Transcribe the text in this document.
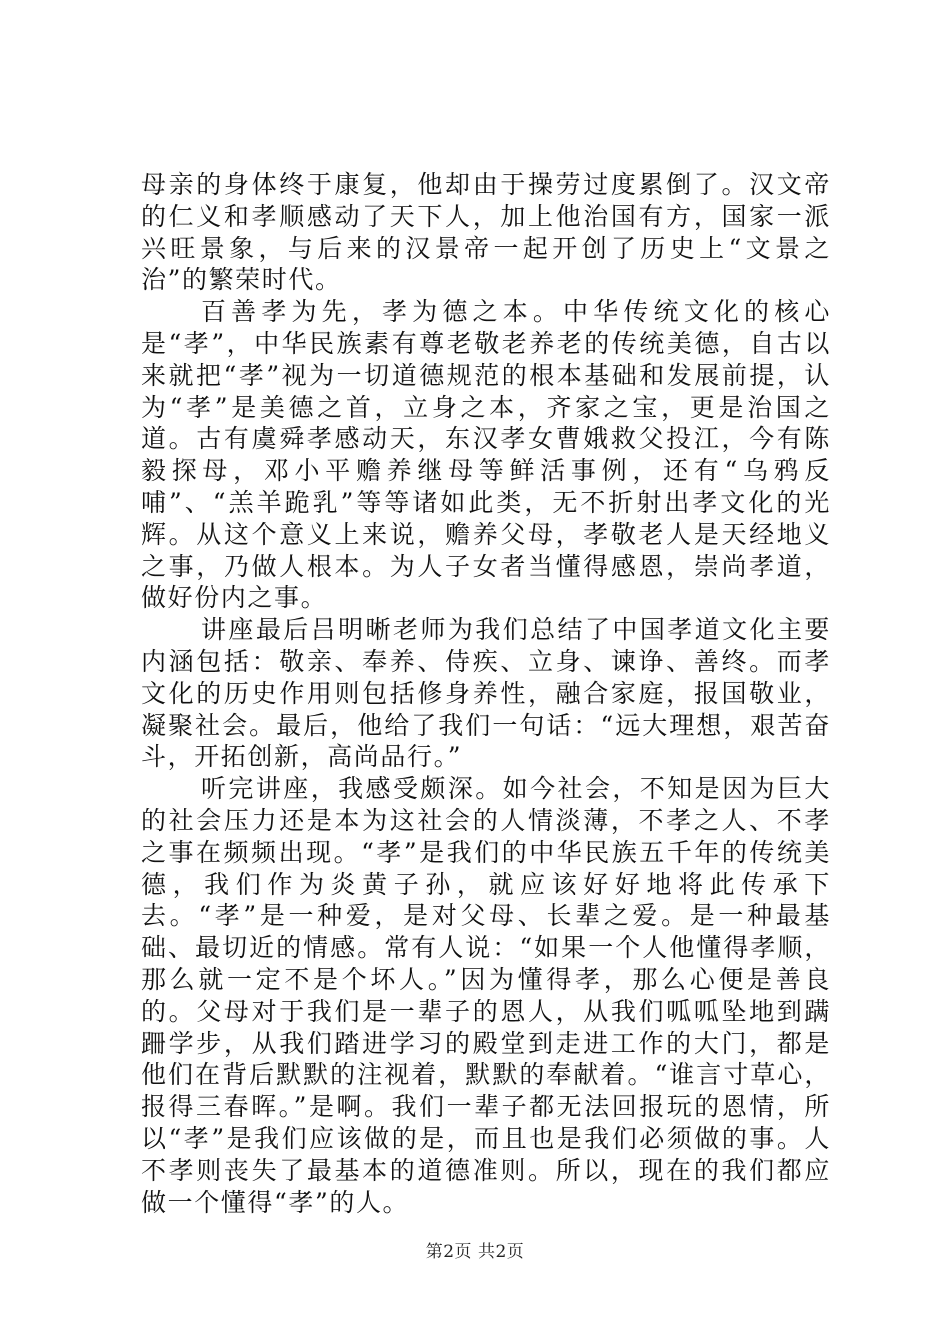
母亲的身体终于康复，他却由于操劳过度累倒了。汉文帝的仁义和孝顺感动了天下人，加上他治国有方，国家一派兴旺景象，与后来的汉景帝一起开创了历史上“文景之治”的繁荣时代。

百善孝为先，孝为德之本。中华传统文化的核心是“孝”，中华民族素有尊老敬老养老的传统美德，自古以来就把“孝”视为一切道德规范的根本基础和发展前提，认为“孝”是美德之首，立身之本，齐家之宝，更是治国之道。古有虞舜孝感动天，东汉孝女曹娥救父投江，今有陈毅探母，邓小平赡养继母等鲜活事例，还有“乌鸦反哺”、“羔羊跪乳”等等诸如此类，无不折射出孝文化的光辉。从这个意义上来说，赡养父母，孝敬老人是天经地义之事，乃做人根本。为人子女者当懂得感恩，崇尚孝道，做好份内之事。

讲座最后吕明晰老师为我们总结了中国孝道文化主要内涵包括：敬亲、奉养、侍疾、立身、谏诤、善终。而孝文化的历史作用则包括修身养性，融合家庭，报国敬业，凝聚社会。最后，他给了我们一句话：“远大理想，艰苦奋斗，开拓创新，高尚品行。”

听完讲座，我感受颇深。如今社会，不知是因为巨大的社会压力还是本为这社会的人情淡薄，不孝之人、不孝之事在频频出现。“孝”是我们的中华民族五千年的传统美德，我们作为炎黄子孙，就应该好好地将此传承下去。“孝”是一种爱，是对父母、长辈之爱。是一种最基础、最切近的情感。常有人说：“如果一个人他懂得孝顺，那么就一定不是个坏人。”因为懂得孝，那么心便是善良的。父母对于我们是一辈子的恩人，从我们呱呱坠地到蹒跚学步，从我们踏进学习的殿堂到走进工作的大门，都是他们在背后默默的注视着，默默的奉献着。“谁言寸草心，报得三春晖。”是啊。我们一辈子都无法回报玩的恩情，所以“孝”是我们应该做的是，而且也是我们必须做的事。人不孝则丧失了最基本的道德准则。所以，现在的我们都应做一个懂得“孝”的人。

第2页 共2页
